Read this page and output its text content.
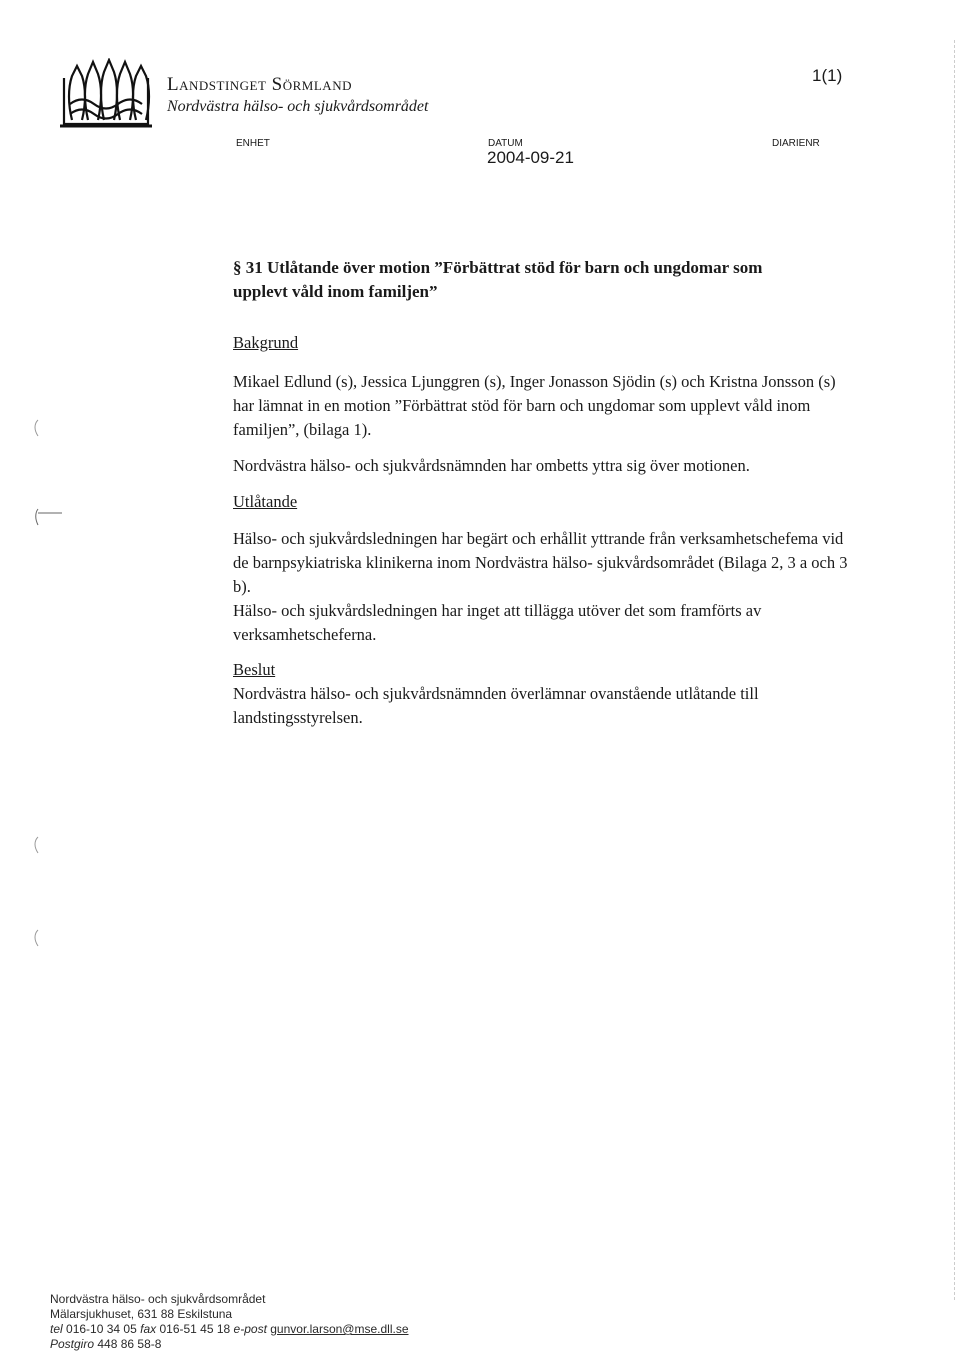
Landstinget Sörmland
Nordvästra hälso- och sjukvårdsområdet
1(1)
ENHET	DATUM	DIARIENR
2004-09-21

§ 31 Utlåtande över motion ”Förbättrat stöd för barn och ungdomar som
upplevt våld inom familjen”

Bakgrund

Mikael Edlund (s), Jessica Ljunggren (s), Inger Jonasson Sjödin (s) och Kristna Jonsson (s) har lämnat in en motion ”Förbättrat stöd för barn och ungdomar som upplevt våld inom familjen”, (bilaga 1).

Nordvästra hälso- och sjukvårdsnämnden har ombetts yttra sig över motionen.

Utlåtande

Hälso- och sjukvårdsledningen har begärt och erhållit yttrande från verksamhetschefema vid de barnpsykiatriska klinikerna inom Nordvästra hälso- sjukvårdsområdet (Bilaga 2, 3 a och 3 b).

Hälso- och sjukvårdsledningen har inget att tillägga utöver det som framförts av verksamhetscheferna.

Beslut

Nordvästra hälso- och sjukvårdsnämnden överlämnar ovanstående utlåtande till landstingsstyrelsen.

Nordvästra hälso- och sjukvårdsområdet
Mälarsjukhuset, 631 88 Eskilstuna
tel 016-10 34 05 fax 016-51 45 18 e-post gunvor.larson@mse.dll.se
Postgiro 448 86 58-8
